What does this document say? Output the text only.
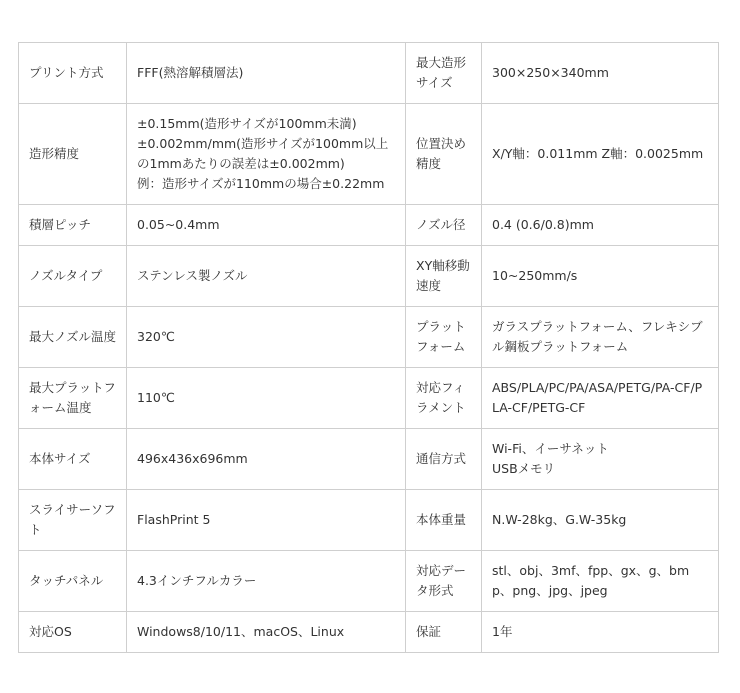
プリント方式	FFF(熱溶解積層法)	最大造形サイズ	300×250×340mm

造形精度	±0.15mm(造形サイズが100mm未満)
±0.002mm/mm(造形サイズが100mm以上の1mmあたりの誤差は±0.002mm)
例：造形サイズが110mmの場合±0.22mm	位置決め精度	X/Y軸：0.011mm Z軸：0.0025mm

積層ピッチ	0.05~0.4mm	ノズル径	0.4 (0.6/0.8)mm

ノズルタイプ	ステンレス製ノズル	XY軸移動速度	10~250mm/s

最大ノズル温度	320℃	プラットフォーム	ガラスプラットフォーム、フレキシブル鋼板プラットフォーム

最大プラットフォーム温度	110℃	対応フィラメント	ABS/PLA/PC/PA/ASA/PETG/PA-CF/PLA-CF/PETG-CF

本体サイズ	496x436x696mm	通信方式	Wi-Fi、イーサネット
USBメモリ

スライサーソフト	FlashPrint 5	本体重量	N.W-28kg、G.W-35kg

タッチパネル	4.3インチフルカラー	対応データ形式	stl、obj、3mf、fpp、gx、g、bmp、png、jpg、jpeg

対応OS	Windows8/10/11、macOS、Linux	保証	1年
